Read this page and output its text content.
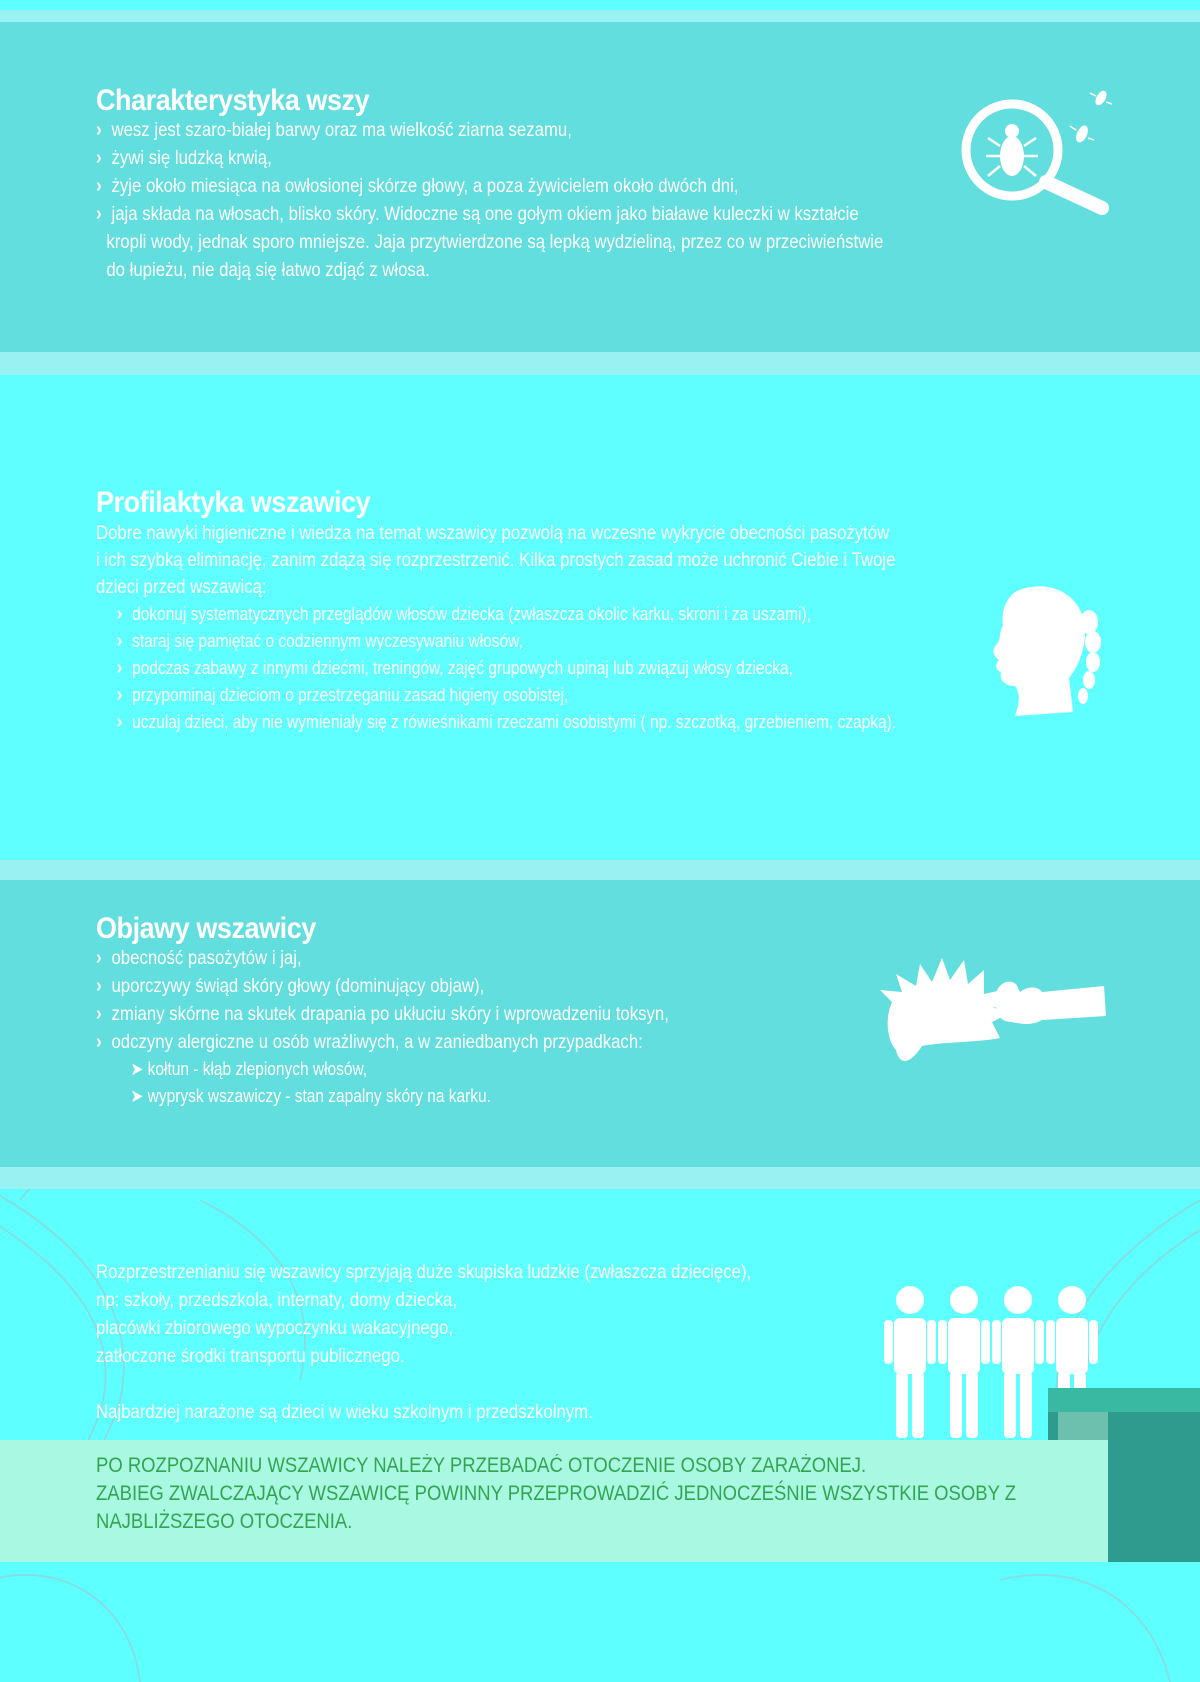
Charakterystyka wszy
› wesz jest szaro-białej barwy oraz ma wielkość ziarna sezamu,
› żywi się ludzką krwią,
› żyje około miesiąca na owłosionej skórze głowy, a poza żywicielem około dwóch dni,
› jaja składa na włosach, blisko skóry. Widoczne są one gołym okiem jako białawe kuleczki w kształcie
kropli wody, jednak sporo mniejsze. Jaja przytwierdzone są lepką wydzieliną, przez co w przeciwieństwie
do łupieżu, nie dają się łatwo zdjąć z włosa.
Profilaktyka wszawicy
Dobre nawyki higieniczne i wiedza na temat wszawicy pozwolą na wczesne wykrycie obecności pasożytów
i ich szybką eliminację, zanim zdążą się rozprzestrzenić. Kilka prostych zasad może uchronić Ciebie i Twoje
dzieci przed wszawicą:
› dokonuj systematycznych przeglądów włosów dziecka (zwłaszcza okolic karku, skroni i za uszami),
› staraj się pamiętać o codziennym wyczesywaniu włosów,
› podczas zabawy z innymi dziećmi, treningów, zajęć grupowych upinaj lub związuj włosy dziecka,
› przypominaj dzieciom o przestrzeganiu zasad higieny osobistej,
› uczulaj dzieci, aby nie wymieniały się z rówieśnikami rzeczami osobistymi ( np. szczotką, grzebieniem, czapką).
Objawy wszawicy
› obecność pasożytów i jaj,
› uporczywy świąd skóry głowy (dominujący objaw),
› zmiany skórne na skutek drapania po ukłuciu skóry i wprowadzeniu toksyn,
› odczyny alergiczne u osób wrażliwych, a w zaniedbanych przypadkach:
➤ kołtun - kłąb zlepionych włosów,
➤ wyprysk wszawiczy - stan zapalny skóry na karku.
Rozprzestrzenianiu się wszawicy sprzyjają duże skupiska ludzkie (zwłaszcza dziecięce),
np: szkoły, przedszkola, internaty, domy dziecka,
placówki zbiorowego wypoczynku wakacyjnego,
zatłoczone środki transportu publicznego.
Najbardziej narażone są dzieci w wieku szkolnym i przedszkolnym.
PO ROZPOZNANIU WSZAWICY NALEŻY PRZEBADAĆ OTOCZENIE OSOBY ZARAŻONEJ.
ZABIEG ZWALCZAJĄCY WSZAWICĘ POWINNY PRZEPROWADZIĆ JEDNOCZEŚNIE WSZYSTKIE OSOBY Z
NAJBLIŻSZEGO OTOCZENIA.
